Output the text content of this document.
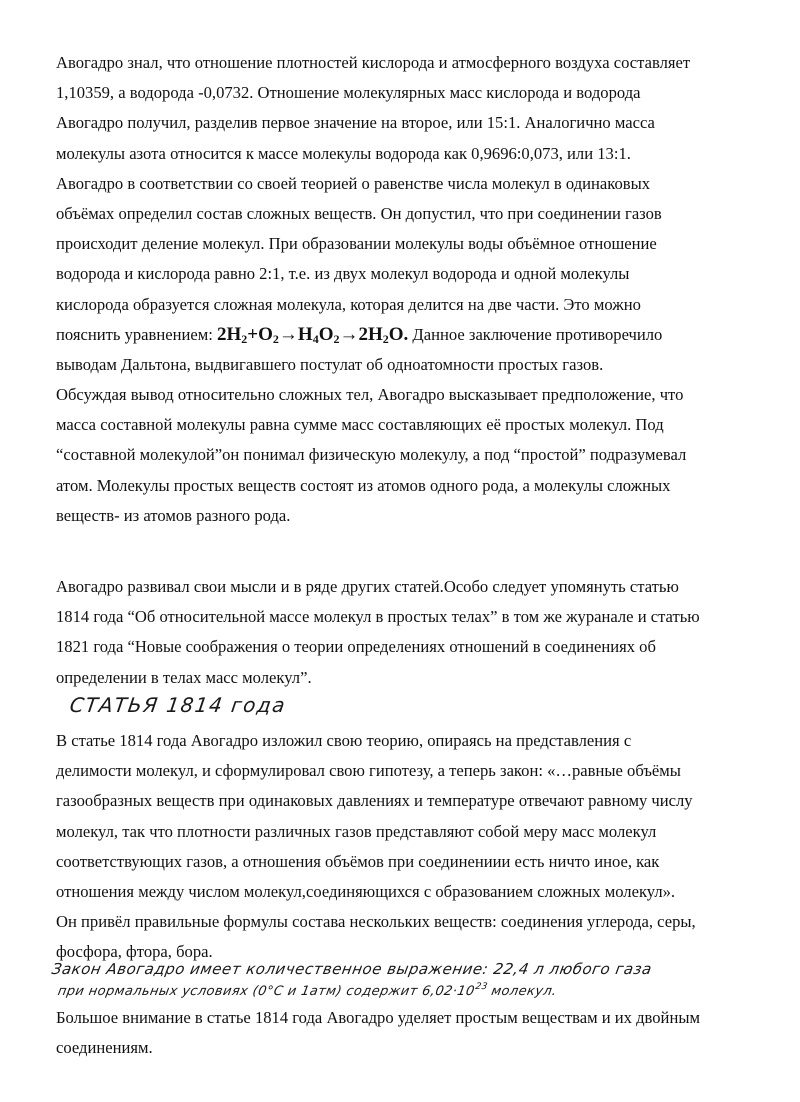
Авогадро знал, что отношение плотностей кислорода и атмосферного воздуха составляет
1,10359, а водорода -0,0732. Отношение молекулярных масс кислорода и водорода
Авогадро получил, разделив первое значение на второе, или 15:1. Аналогично масса
молекулы азота относится к массе молекулы водорода как 0,9696:0,073, или 13:1.
Авогадро в соответствии со своей теорией о равенстве числа молекул в одинаковых
объёмах определил состав сложных веществ. Он допустил, что при соединении газов
происходит деление молекул. При образовании молекулы воды объёмное отношение
водорода и кислорода равно 2:1, т.е. из двух молекул водорода и одной молекулы
кислорода образуется сложная молекула, которая делится на две части. Это можно
пояснить уравнением: $2H_2+O_2\to H_4O_2\to 2H_2O$. Данное заключение противоречило
выводам Дальтона, выдвигавшего постулат об одноатомности простых газов.
Обсуждая вывод относительно сложных тел, Авогадро высказывает предположение, что
масса составной молекулы равна сумме масс составляющих её простых молекул. Под
“составной молекулой”он понимал физическую молекулу, а под “простой” подразумевал
атом. Молекулы простых веществ состоят из атомов одного рода, а молекулы сложных
веществ- из атомов разного рода.
Авогадро развивал свои мысли и в ряде других статей.Особо следует упомянуть статью
1814 года “Об относительной массе молекул в простых телах” в том же журанале и статью
1821 года “Новые соображения о теории определениях отношений в соединениях об
определении в телах масс молекул”.
СТАТЬЯ 1814 года
В статье 1814 года Авогадро изложил свою теорию, опираясь на представления с
делимости молекул, и сформулировал свою гипотезу, а теперь закон: «…равные объёмы
газообразных веществ при одинаковых давлениях и температуре отвечают равному числу
молекул, так что плотности различных газов представляют собой меру масс молекул
соответствующих газов, а отношения объёмов при соединениии есть ничто иное, как
отношения между числом молекул,соединяющихся с образованием сложных молекул».
Он привёл правильные формулы состава нескольких веществ: соединения углерода, серы,
фосфора, фтора, бора.
Закон Авогадро имеет количественное выражение: 22,4 л любого газа
при нормальных условиях (0°С и 1атм) содержит $6,02\cdot 10^{23}$ молекул.
Большое внимание в статье 1814 года Авогадро уделяет простым веществам и их двойным
соединениям.
